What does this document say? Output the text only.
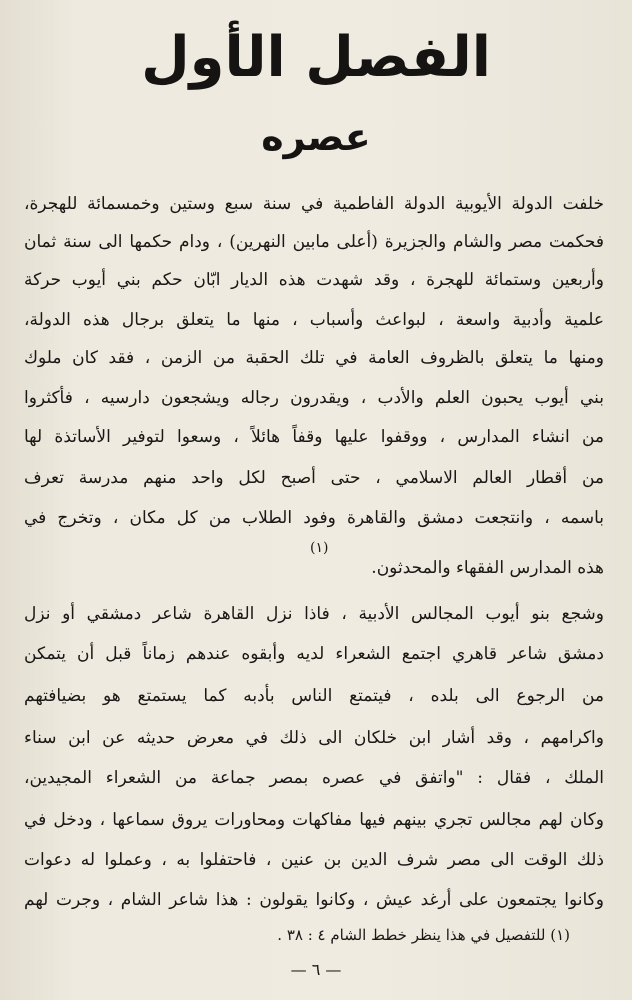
الفصل الأول
عصره
خلفت الدولة الأيوبية الدولة الفاطمية في سنة سبع وستين وخمسمائة للهجرة،
فحكمت مصر والشام والجزيرة (أعلى مابين النهرين) ، ودام حكمها الى سنة ثمان
وأربعين وستمائة للهجرة ، وقد شهدت هذه الديار ابّان حكم بني أيوب حركة
علمية وأدبية واسعة ، لبواعث وأسباب ، منها ما يتعلق برجال هذه الدولة،
ومنها ما يتعلق بالظروف العامة في تلك الحقبة من الزمن ، فقد كان ملوك
بني أيوب يحبون العلم والأدب ، ويقدرون رجاله ويشجعون دارسيه ، فأكثروا
من انشاء المدارس ، ووقفوا عليها وقفاً هائلاً ، وسعوا لتوفير الأساتذة لها
من أقطار العالم الاسلامي ، حتى أصبح لكل واحد منهم مدرسة تعرف
باسمه ، وانتجعت دمشق والقاهرة وفود الطلاب من كل مكان ، وتخرج في
هذه المدارس الفقهاء والمحدثون.
وشجع بنو أيوب المجالس الأدبية ، فاذا نزل القاهرة شاعر دمشقي أو نزل
دمشق شاعر قاهري اجتمع الشعراء لديه وأبقوه عندهم زماناً قبل أن يتمكن
من الرجوع الى بلده ، فيتمتع الناس بأدبه كما يستمتع هو بضيافتهم
واكرامهم ، وقد أشار ابن خلكان الى ذلك في معرض حديثه عن ابن سناء
الملك ، فقال : "واتفق في عصره بمصر جماعة من الشعراء المجيدين،
وكان لهم مجالس تجري بينهم فيها مفاكهات ومحاورات يروق سماعها ، ودخل في
ذلك الوقت الى مصر شرف الدين بن عنين ، فاحتفلوا به ، وعملوا له دعوات
وكانوا يجتمعون على أرغد عيش ، وكانوا يقولون : هذا شاعر الشام ، وجرت لهم
(١)
(١) للتفصيل في هذا ينظر خطط الشام ٤ : ٣٨ .
— ٦ —
